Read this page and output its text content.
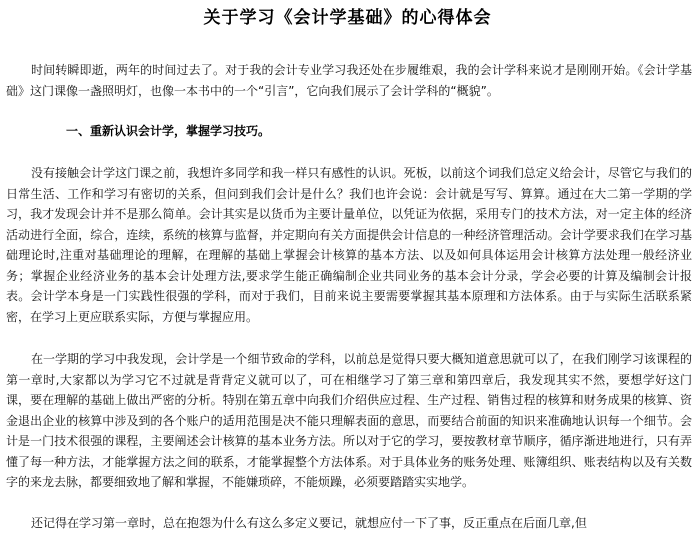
关于学习《会计学基础》的心得体会

时间转瞬即逝，两年的时间过去了。对于我的会计专业学习我还处在步履维艰，我的会计学科来说才是刚刚开始。《会计学基础》这门课像一盏照明灯，也像一本书中的一个“引言”，它向我们展示了会计学科的“概貌”。

一、重新认识会计学，掌握学习技巧。

没有接触会计学这门课之前，我想许多同学和我一样只有感性的认识。死板，以前这个词我们总定义给会计，尽管它与我们的日常生活、工作和学习有密切的关系，但问到我们会计是什么？我们也许会说：会计就是写写、算算。通过在大二第一学期的学习，我才发现会计并不是那么简单。会计其实是以货币为主要计量单位，以凭证为依据，采用专门的技术方法，对一定主体的经济活动进行全面，综合，连续，系统的核算与监督，并定期向有关方面提供会计信息的一种经济管理活动。会计学要求我们在学习基础理论时,注重对基础理论的理解，在理解的基础上掌握会计核算的基本方法、以及如何具体运用会计核算方法处理一般经济业务；掌握企业经济业务的基本会计处理方法,要求学生能正确编制企业共同业务的基本会计分录，学会必要的计算及编制会计报表。会计学本身是一门实践性很强的学科，而对于我们，目前来说主要需要掌握其基本原理和方法体系。由于与实际生活联系紧密，在学习上更应联系实际，方便与掌握应用。

在一学期的学习中我发现，会计学是一个细节致命的学科，以前总是觉得只要大概知道意思就可以了，在我们刚学习该课程的第一章时,大家都以为学习它不过就是背背定义就可以了，可在相继学习了第三章和第四章后，我发现其实不然，要想学好这门课，要在理解的基础上做出严密的分析。特别在第五章中向我们介绍供应过程、生产过程、销售过程的核算和财务成果的核算、资金退出企业的核算中涉及到的各个账户的适用范围是决不能只理解表面的意思，而要结合前面的知识来准确地认识每一个细节。会计是一门技术很强的课程，主要阐述会计核算的基本业务方法。所以对于它的学习，要按教材章节顺序，循序渐进地进行，只有弄懂了每一种方法，才能掌握方法之间的联系，才能掌握整个方法体系。对于具体业务的账务处理、账簿组织、账表结构以及有关数字的来龙去脉，都要细致地了解和掌握，不能嫌琐碎，不能烦躁，必须要踏踏实实地学。

还记得在学习第一章时，总在抱怨为什么有这么多定义要记，就想应付一下了事，反正重点在后面几章,但
